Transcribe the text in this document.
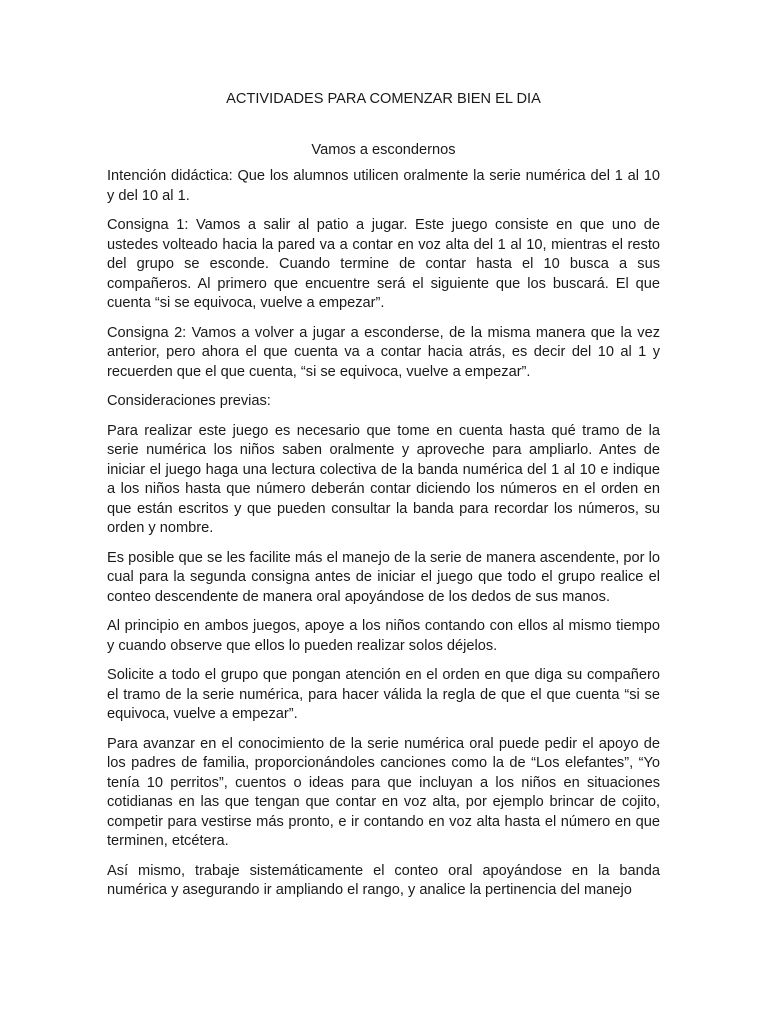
ACTIVIDADES PARA COMENZAR BIEN EL DIA

Vamos a escondernos

Intención didáctica: Que los alumnos utilicen oralmente la serie numérica del 1 al 10 y del 10 al 1.

Consigna 1: Vamos a salir al patio a jugar. Este juego consiste en que uno de ustedes volteado hacia la pared va a contar en voz alta del 1 al 10, mientras el resto del grupo se esconde. Cuando termine de contar hasta el 10 busca a sus compañeros. Al primero que encuentre será el siguiente que los buscará. El que cuenta “si se equivoca, vuelve a empezar”.

Consigna 2: Vamos a volver a jugar a esconderse, de la misma manera que la vez anterior, pero ahora el que cuenta va a contar hacia atrás, es decir del 10 al 1 y recuerden que el que cuenta, “si se equivoca, vuelve a empezar”.

Consideraciones previas:

Para realizar este juego es necesario que tome en cuenta hasta qué tramo de la serie numérica los niños saben oralmente y aproveche para ampliarlo. Antes de iniciar el juego haga una lectura colectiva de la banda numérica del 1 al 10 e indique a los niños hasta que número deberán contar diciendo los números en el orden en que están escritos y que pueden consultar la banda para recordar los números, su orden y nombre.

Es posible que se les facilite más el manejo de la serie de manera ascendente, por lo cual para la segunda consigna antes de iniciar el juego que todo el grupo realice el conteo descendente de manera oral apoyándose de los dedos de sus manos.

Al principio en ambos juegos, apoye a los niños contando con ellos al mismo tiempo y cuando observe que ellos lo pueden realizar solos déjelos.

Solicite a todo el grupo que pongan atención en el orden en que diga su compañero el tramo de la serie numérica, para hacer válida la regla de que el que cuenta “si se equivoca, vuelve a empezar”.

Para avanzar en el conocimiento de la serie numérica oral puede pedir el apoyo de los padres de familia, proporcionándoles canciones como la de “Los elefantes”, “Yo tenía 10 perritos”, cuentos o ideas para que incluyan a los niños en situaciones cotidianas en las que tengan que contar en voz alta, por ejemplo brincar de cojito, competir para vestirse más pronto, e ir contando en voz alta hasta el número en que terminen, etcétera.

Así mismo, trabaje sistemáticamente el conteo oral apoyándose en la banda numérica y asegurando ir ampliando el rango, y analice la pertinencia del manejo
